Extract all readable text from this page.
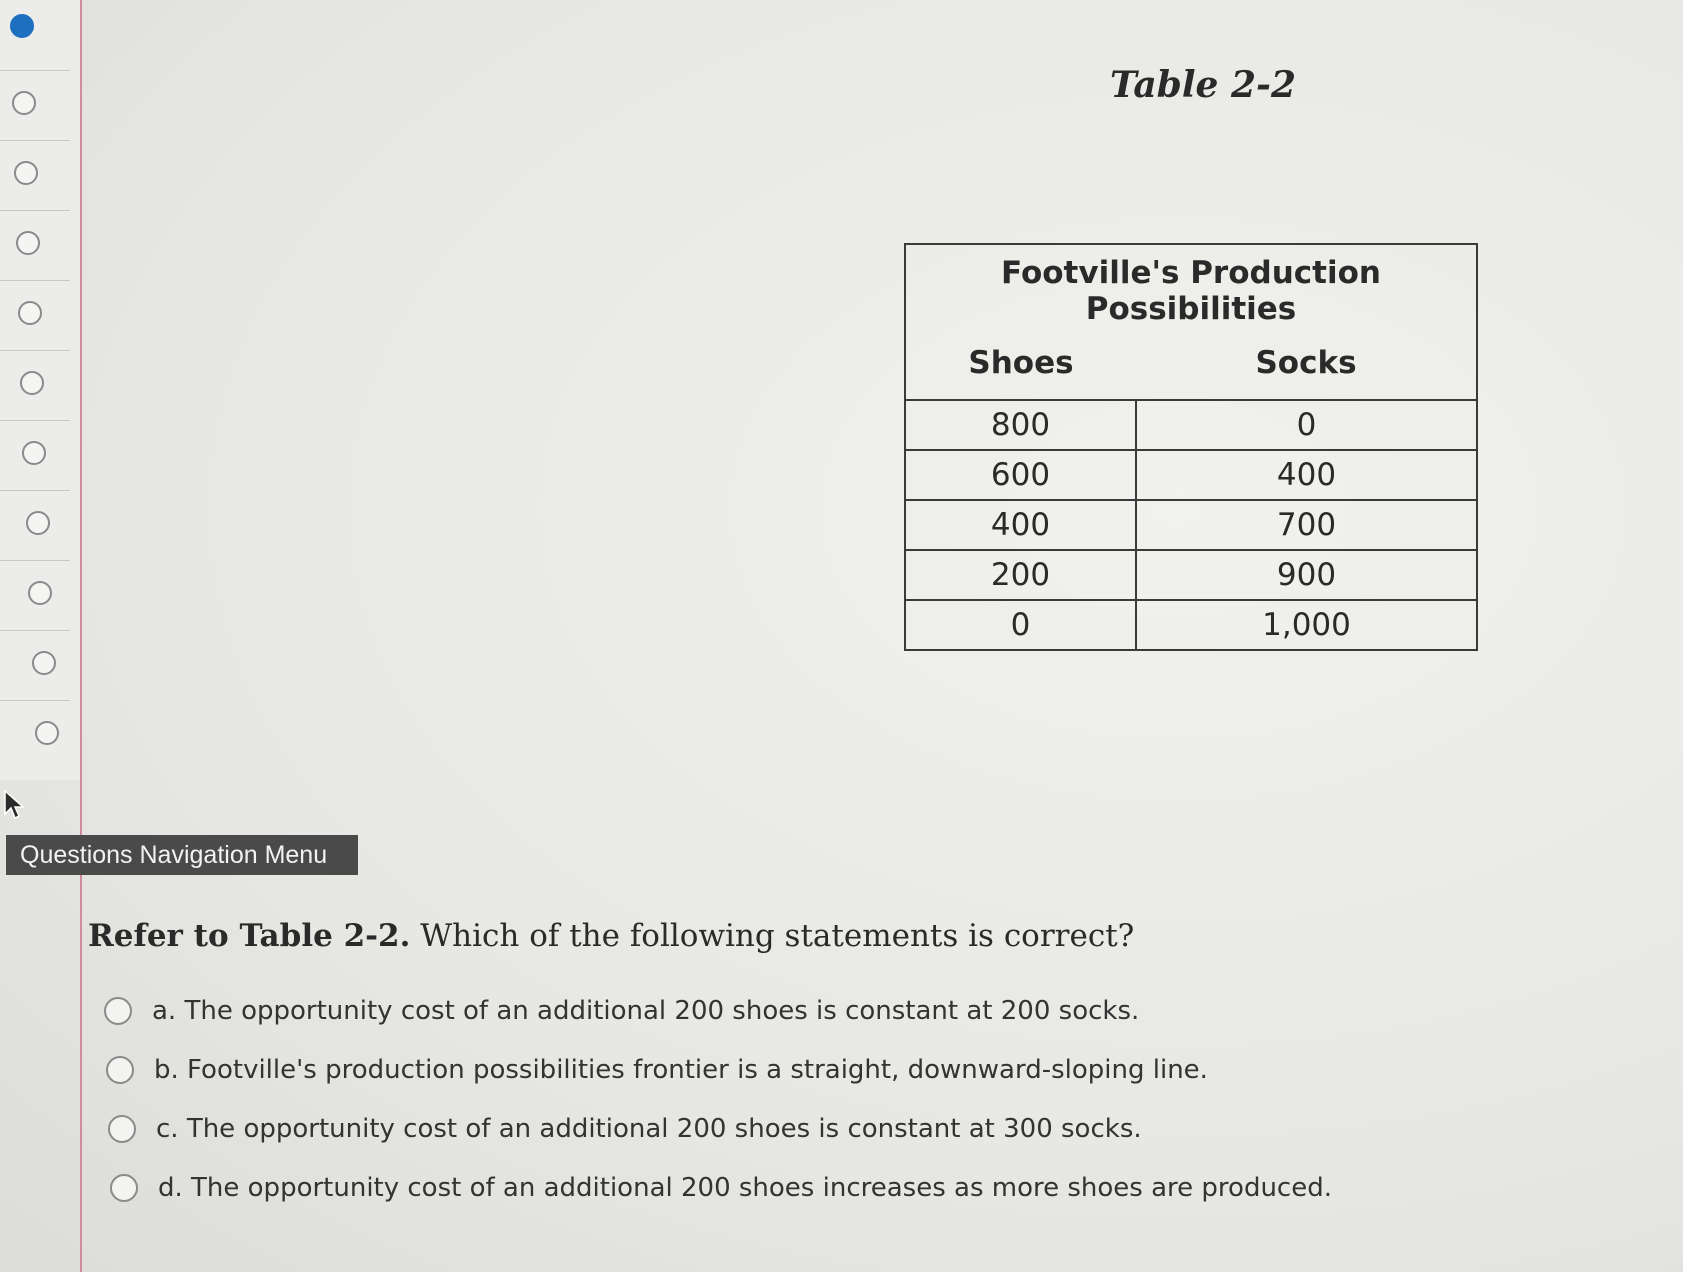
Questions Navigation Menu
Table 2-2
Footville's Production Possibilities	
Shoes	Socks
800	0
600	400
400	700
200	900
0	1,000
Refer to Table 2-2. Which of the following statements is correct?
a. The opportunity cost of an additional 200 shoes is constant at 200 socks.
b. Footville's production possibilities frontier is a straight, downward-sloping line.
c. The opportunity cost of an additional 200 shoes is constant at 300 socks.
d. The opportunity cost of an additional 200 shoes increases as more shoes are produced.
